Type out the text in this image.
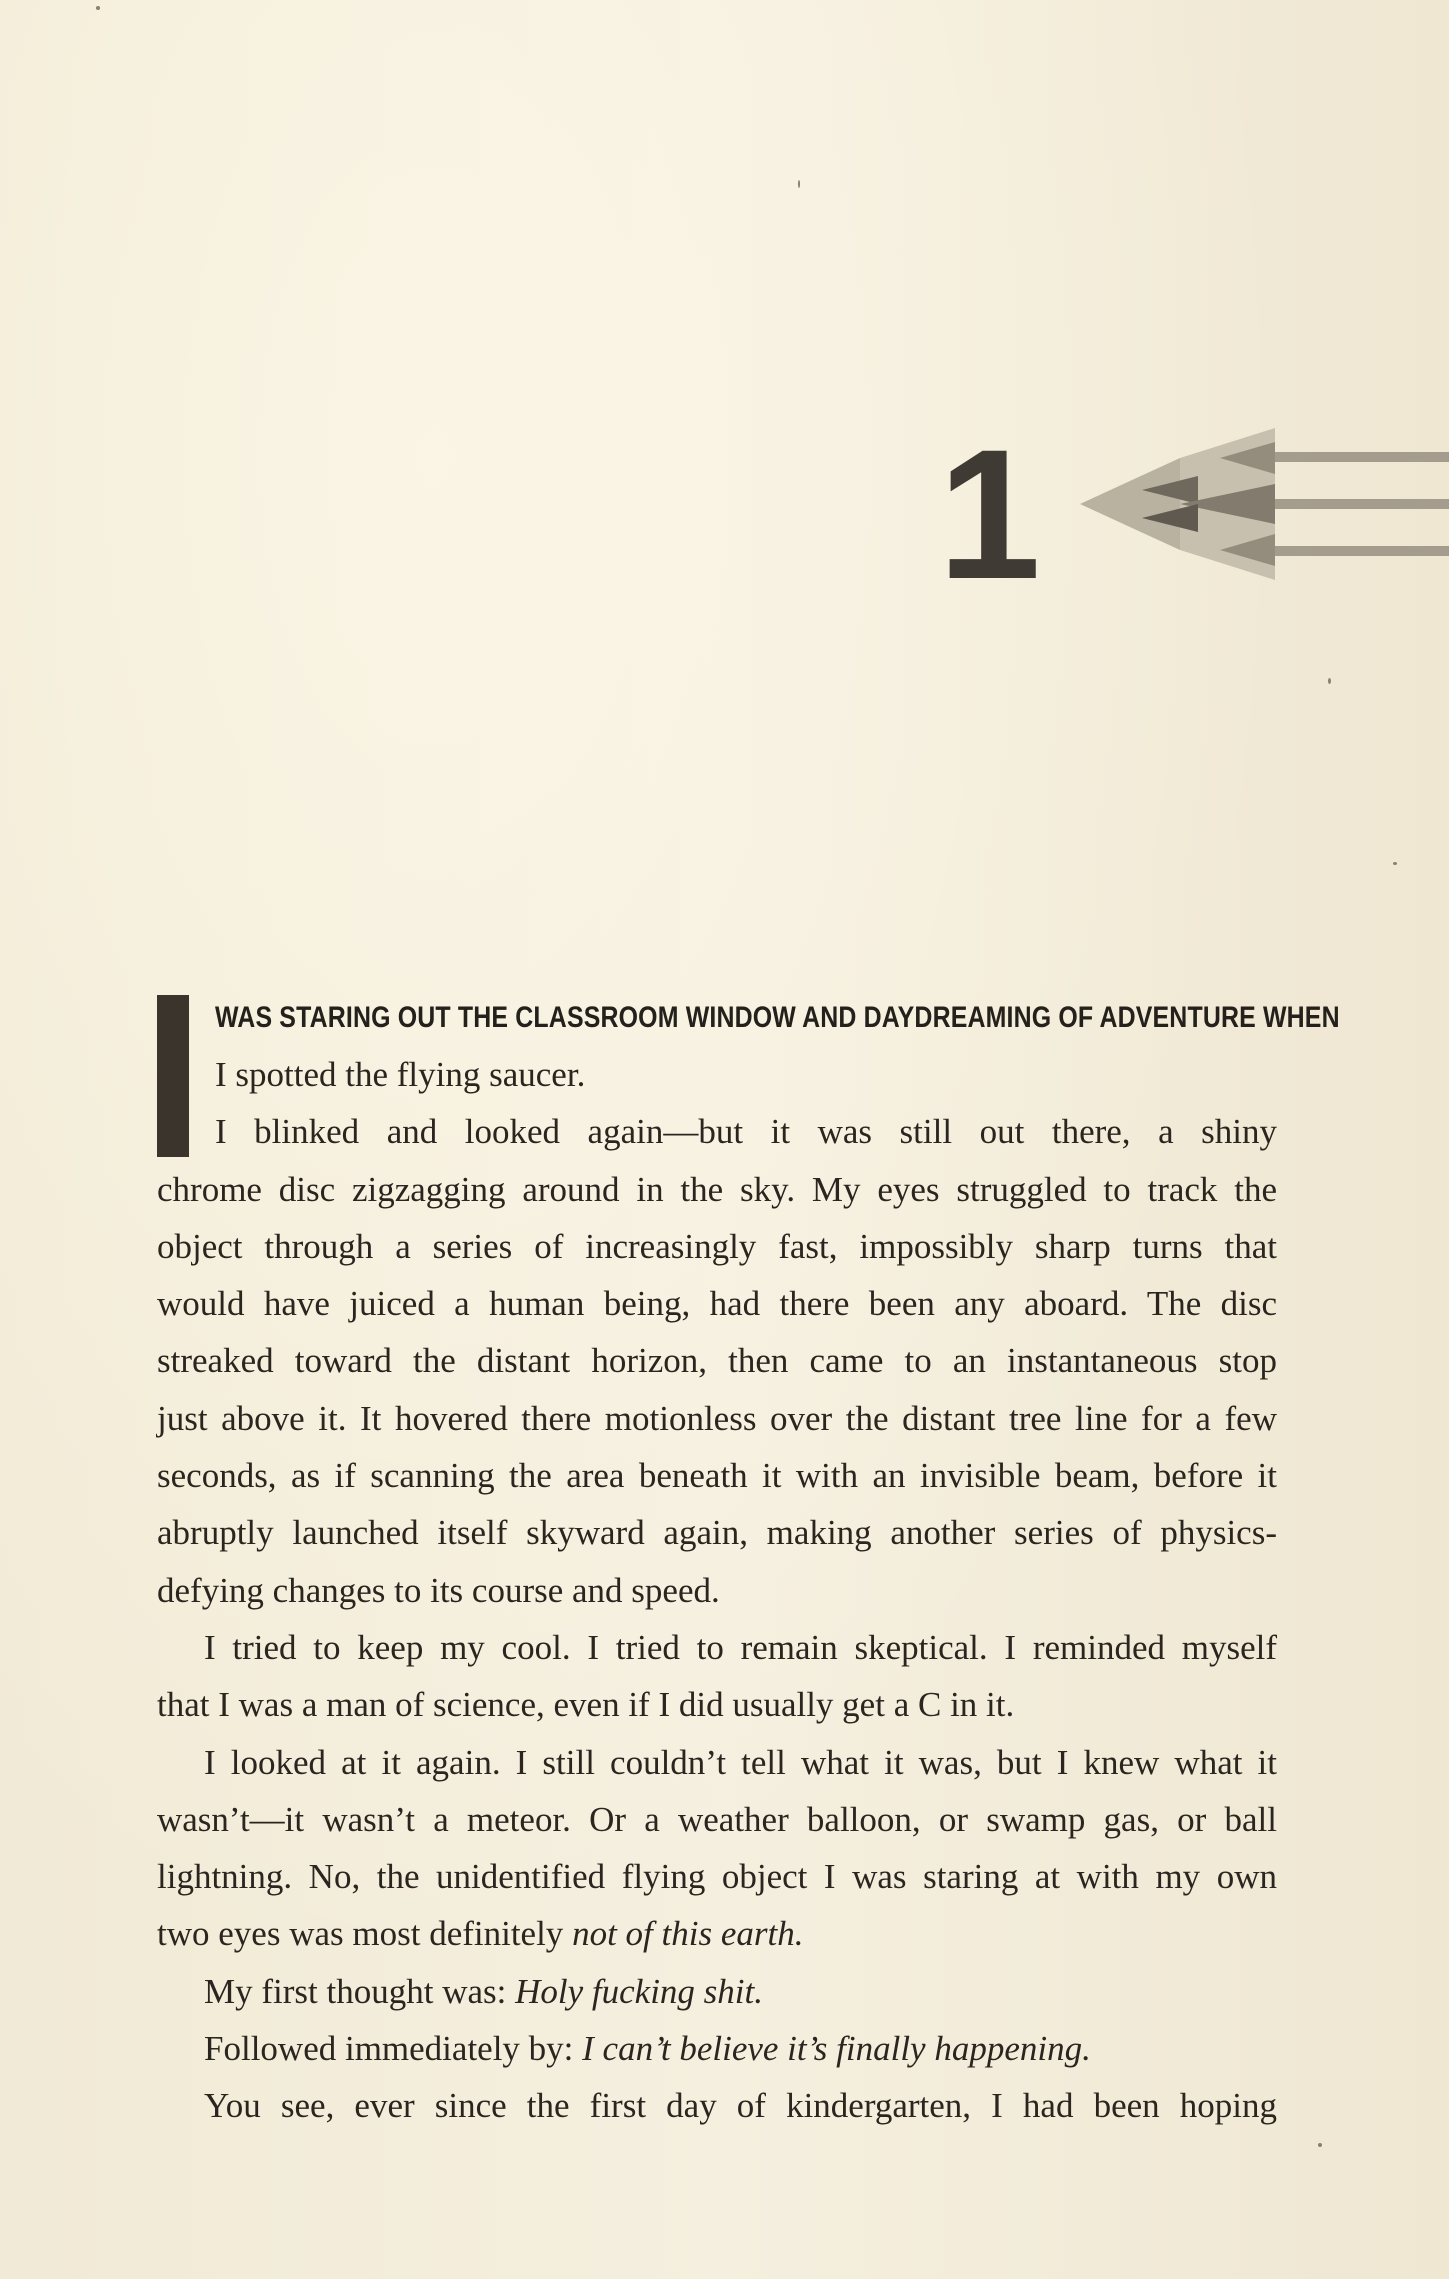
1
WAS STARING OUT THE CLASSROOM WINDOW AND DAYDREAMING OF ADVENTURE WHEN
I spotted the flying saucer.
I blinked and looked again—but it was still out there, a shiny
chrome disc zigzagging around in the sky. My eyes struggled to track the
object through a series of increasingly fast, impossibly sharp turns that
would have juiced a human being, had there been any aboard. The disc
streaked toward the distant horizon, then came to an instantaneous stop
just above it. It hovered there motionless over the distant tree line for a few
seconds, as if scanning the area beneath it with an invisible beam, before it
abruptly launched itself skyward again, making another series of physics-
defying changes to its course and speed.
I tried to keep my cool. I tried to remain skeptical. I reminded myself
that I was a man of science, even if I did usually get a C in it.
I looked at it again. I still couldn’t tell what it was, but I knew what it
wasn’t—it wasn’t a meteor. Or a weather balloon, or swamp gas, or ball
lightning. No, the unidentified flying object I was staring at with my own
two eyes was most definitely not of this earth.
My first thought was: Holy fucking shit.
Followed immediately by: I can’t believe it’s finally happening.
You see, ever since the first day of kindergarten, I had been hoping
